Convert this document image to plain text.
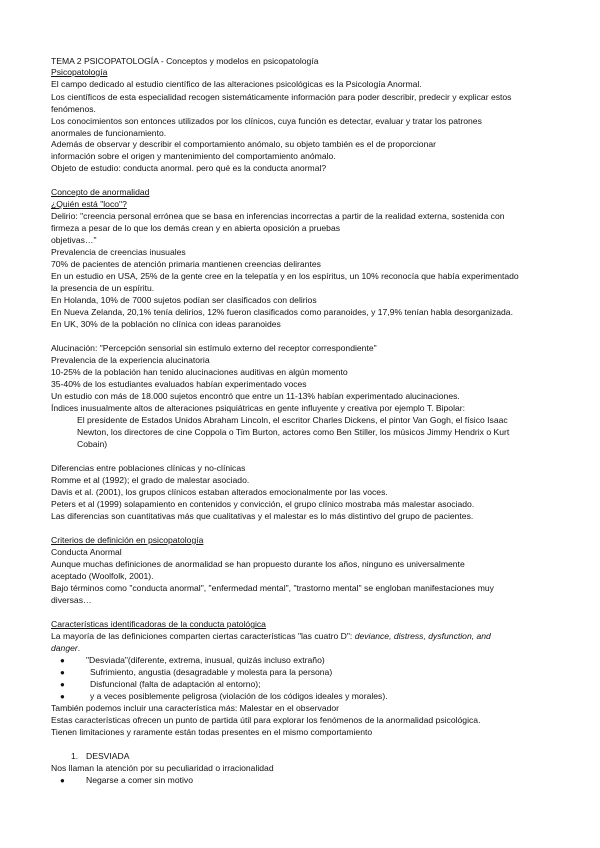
TEMA 2 PSICOPATOLOGÍA - Conceptos y modelos en psicopatología
Psicopatología
El campo dedicado al estudio científico de las alteraciones psicológicas es la Psicología Anormal.
Los científicos de esta especialidad recogen sistemáticamente información para poder describir, predecir y explicar estos
fenómenos.
Los conocimientos son entonces utilizados por los clínicos, cuya función es detectar, evaluar y tratar los patrones
anormales de funcionamiento.
Además de observar y describir el comportamiento anómalo, su objeto también es el de proporcionar
información sobre el origen y mantenimiento del comportamiento anómalo.
Objeto de estudio: conducta anormal. pero qué es la conducta anormal?
Concepto de anormalidad
¿Quién está "loco"?
Delirio: "creencia personal errónea que se basa en inferencias incorrectas a partir de la realidad externa, sostenida con
firmeza a pesar de lo que los demás crean y en abierta oposición a pruebas
objetivas…"
Prevalencia de creencias inusuales
70% de pacientes de atención primaria mantienen creencias delirantes
En un estudio en USA, 25% de la gente cree en la telepatía y en los espíritus, un 10% reconocía que había experimentado
la presencia de un espíritu.
En Holanda, 10% de 7000 sujetos podían ser clasificados con delirios
En Nueva Zelanda, 20,1% tenía delirios, 12% fueron clasificados como paranoides, y 17,9% tenían habla desorganizada.
En UK, 30% de la población no clínica con ideas paranoides
Alucinación: "Percepción sensorial sin estímulo externo del receptor correspondiente"
Prevalencia de la experiencia alucinatoria
10-25% de la población han tenido alucinaciones auditivas en algún momento
35-40% de los estudiantes evaluados habían experimentado voces
Un estudio con más de 18.000 sujetos encontró que entre un 11-13% habían experimentado alucinaciones.
Índices inusualmente altos de alteraciones psiquiátricas en gente influyente y creativa por ejemplo T. Bipolar:
El presidente de Estados Unidos Abraham Lincoln, el escritor Charles Dickens, el pintor Van Gogh, el físico Isaac
Newton, los directores de cine Coppola o Tim Burton, actores como Ben Stiller, los músicos Jimmy Hendrix o Kurt
Cobain)
Diferencias entre poblaciones clínicas y no-clínicas
Romme et al (1992); el grado de malestar asociado.
Davis et al. (2001), los grupos clínicos estaban alterados emocionalmente por las voces.
Peters et al (1999) solapamiento en contenidos y convicción, el grupo clínico mostraba más malestar asociado.
Las diferencias son cuantitativas más que cualitativas y el malestar es lo más distintivo del grupo de pacientes.
Criterios de definición en psicopatología
Conducta Anormal
Aunque muchas definiciones de anormalidad se han propuesto durante los años, ninguno es universalmente
aceptado (Woolfolk, 2001).
Bajo términos como "conducta anormal", "enfermedad mental", "trastorno mental" se engloban manifestaciones muy
diversas…
Características identificadoras de la conducta patológica
La mayoría de las definiciones comparten ciertas características "las cuatro D": deviance, distress, dysfunction, and
danger.
● "Desviada"(diferente, extrema, inusual, quizás incluso extraño)
●	Sufrimiento, angustia (desagradable y molesta para la persona)
●	Disfuncional (falta de adaptación al entorno);
●	y a veces posiblemente peligrosa (violación de los códigos ideales y morales).
También podemos incluir una característica más: Malestar en el observador
Estas características ofrecen un punto de partida útil para explorar los fenómenos de la anormalidad psicológica.
Tienen limitaciones y raramente están todas presentes en el mismo comportamiento
1. DESVIADA
Nos llaman la atención por su peculiaridad o irracionalidad
● Negarse a comer sin motivo
